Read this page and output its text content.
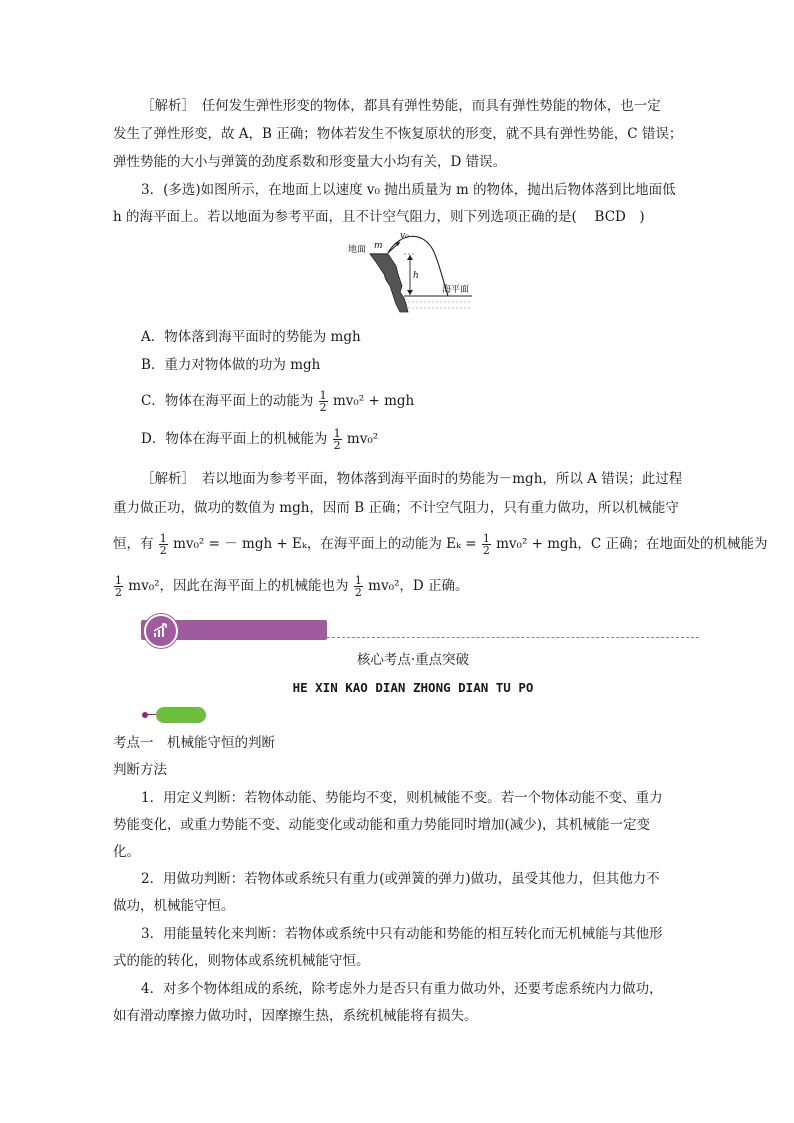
［解析］　任何发生弹性形变的物体，都具有弹性势能，而具有弹性势能的物体，也一定
发生了弹性形变，故 A，B 正确；物体若发生不恢复原状的形变，就不具有弹性势能，C 错误；
弹性势能的大小与弹簧的劲度系数和形变量大小均有关，D 错误。
3．(多选)如图所示，在地面上以速度 v₀ 抛出质量为 m 的物体，抛出后物体落到比地面低
h 的海平面上。若以地面为参考平面，且不计空气阻力，则下列选项正确的是(　 BCD　)
地面 m
v₀
h
海平面
A．物体落到海平面时的势能为 mgh
B．重力对物体做的功为 mgh
C．物体在海平面上的动能为 $\frac{1}{2} mv_0^2$ + mgh
D．物体在海平面上的机械能为 $\frac{1}{2} mv_0^2$
［解析］　若以地面为参考平面，物体落到海平面时的势能为－mgh，所以 A 错误；此过程
重力做正功，做功的数值为 mgh，因而 B 正确；不计空气阻力，只有重力做功，所以机械能守
恒，有 $\frac{1}{2} mv_0^2$ = － mgh + Eₖ，在海平面上的动能为 $E_k = \frac{1}{2} mv_0^2$ + mgh，C 正确；在地面处的机械能为
$\frac{1}{2} mv_0^2$，因此在海平面上的机械能也为 $\frac{1}{2} mv_0^2$，D 正确。
核心考点·重点突破
HE XIN KAO DIAN ZHONG DIAN TU PO
考点一　机械能守恒的判断
判断方法
1．用定义判断：若物体动能、势能均不变，则机械能不变。若一个物体动能不变、重力
势能变化，或重力势能不变、动能变化或动能和重力势能同时增加(减少)，其机械能一定变
化。
2．用做功判断：若物体或系统只有重力(或弹簧的弹力)做功，虽受其他力，但其他力不
做功，机械能守恒。
3．用能量转化来判断：若物体或系统中只有动能和势能的相互转化而无机械能与其他形
式的能的转化，则物体或系统机械能守恒。
4．对多个物体组成的系统，除考虑外力是否只有重力做功外，还要考虑系统内力做功，
如有滑动摩擦力做功时，因摩擦生热，系统机械能将有损失。
